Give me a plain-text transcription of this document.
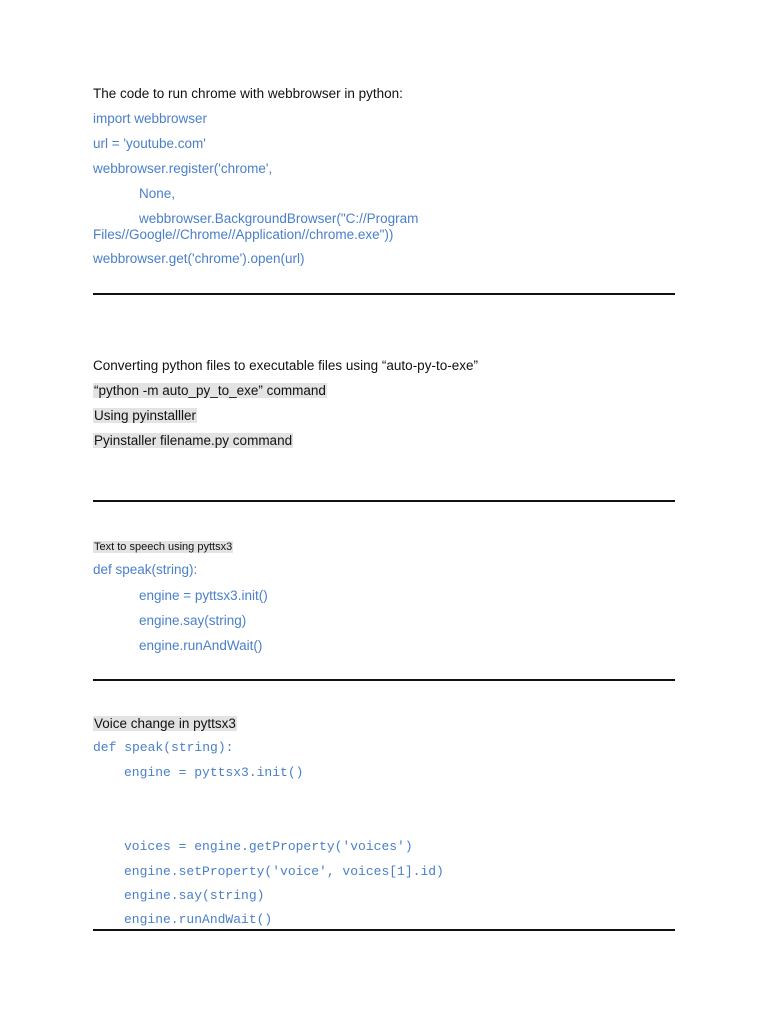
The code to run chrome with webbrowser in python:
import webbrowser
url = 'youtube.com'
webbrowser.register('chrome',
None,
webbrowser.BackgroundBrowser("C://Program
Files//Google//Chrome//Application//chrome.exe"))
webbrowser.get('chrome').open(url)
Converting python files to executable files using “auto-py-to-exe”
“python -m auto_py_to_exe” command
Using pyinstalller
Pyinstaller filename.py command
Text to speech using pyttsx3
def speak(string):
engine = pyttsx3.init()
engine.say(string)
engine.runAndWait()
Voice change in pyttsx3
def speak(string):
engine = pyttsx3.init()
voices = engine.getProperty('voices')
engine.setProperty('voice', voices[1].id)
engine.say(string)
engine.runAndWait()
